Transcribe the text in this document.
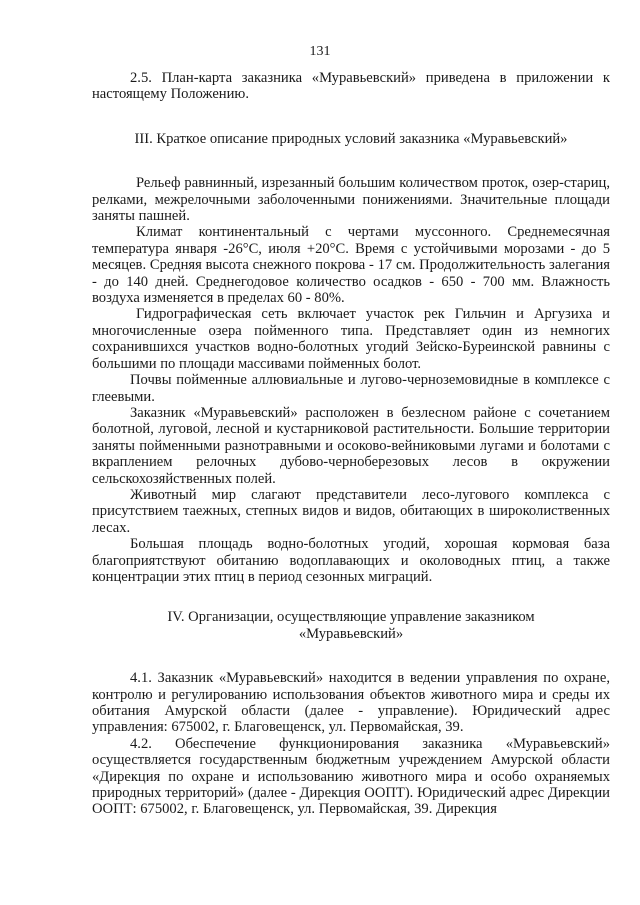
131

2.5. План-карта заказника «Муравьевский» приведена в приложении к настоящему Положению.

III. Краткое описание природных условий заказника «Муравьевский»

Рельеф равнинный, изрезанный большим количеством проток, озер-стариц, релками, межрелочными заболоченными понижениями. Значительные площади заняты пашней.

Климат континентальный с чертами муссонного. Среднемесячная температура января -26°С, июля +20°С. Время с устойчивыми морозами - до 5 месяцев. Средняя высота снежного покрова - 17 см. Продолжительность залегания - до 140 дней. Среднегодовое количество осадков - 650 - 700 мм. Влажность воздуха изменяется в пределах 60 - 80%.

Гидрографическая сеть включает участок рек Гильчин и Аргузиха и многочисленные озера пойменного типа. Представляет один из немногих сохранившихся участков водно-болотных угодий Зейско-Буреинской равнины с большими по площади массивами пойменных болот.

Почвы пойменные аллювиальные и лугово-черноземовидные в комплексе с глеевыми.

Заказник «Муравьевский» расположен в безлесном районе с сочетанием болотной, луговой, лесной и кустарниковой растительности. Большие территории заняты пойменными разнотравными и осоково-вейниковыми лугами и болотами с вкраплением релочных дубово-черноберезовых лесов в окружении сельскохозяйственных полей.

Животный мир слагают представители лесо-лугового комплекса с присутствием таежных, степных видов и видов, обитающих в широколиственных лесах.

Большая площадь водно-болотных угодий, хорошая кормовая база благоприятствуют обитанию водоплавающих и околоводных птиц, а также концентрации этих птиц в период сезонных миграций.

IV. Организации, осуществляющие управление заказником

«Муравьевский»

4.1. Заказник «Муравьевский» находится в ведении управления по охране, контролю и регулированию использования объектов животного мира и среды их обитания Амурской области (далее - управление). Юридический адрес управления: 675002, г. Благовещенск, ул. Первомайская, 39.

4.2. Обеспечение функционирования заказника «Муравьевский» осуществляется государственным бюджетным учреждением Амурской области «Дирекция по охране и использованию животного мира и особо охраняемых природных территорий» (далее - Дирекция ООПТ). Юридический адрес Дирекции ООПТ: 675002, г. Благовещенск, ул. Первомайская, 39. Дирекция
